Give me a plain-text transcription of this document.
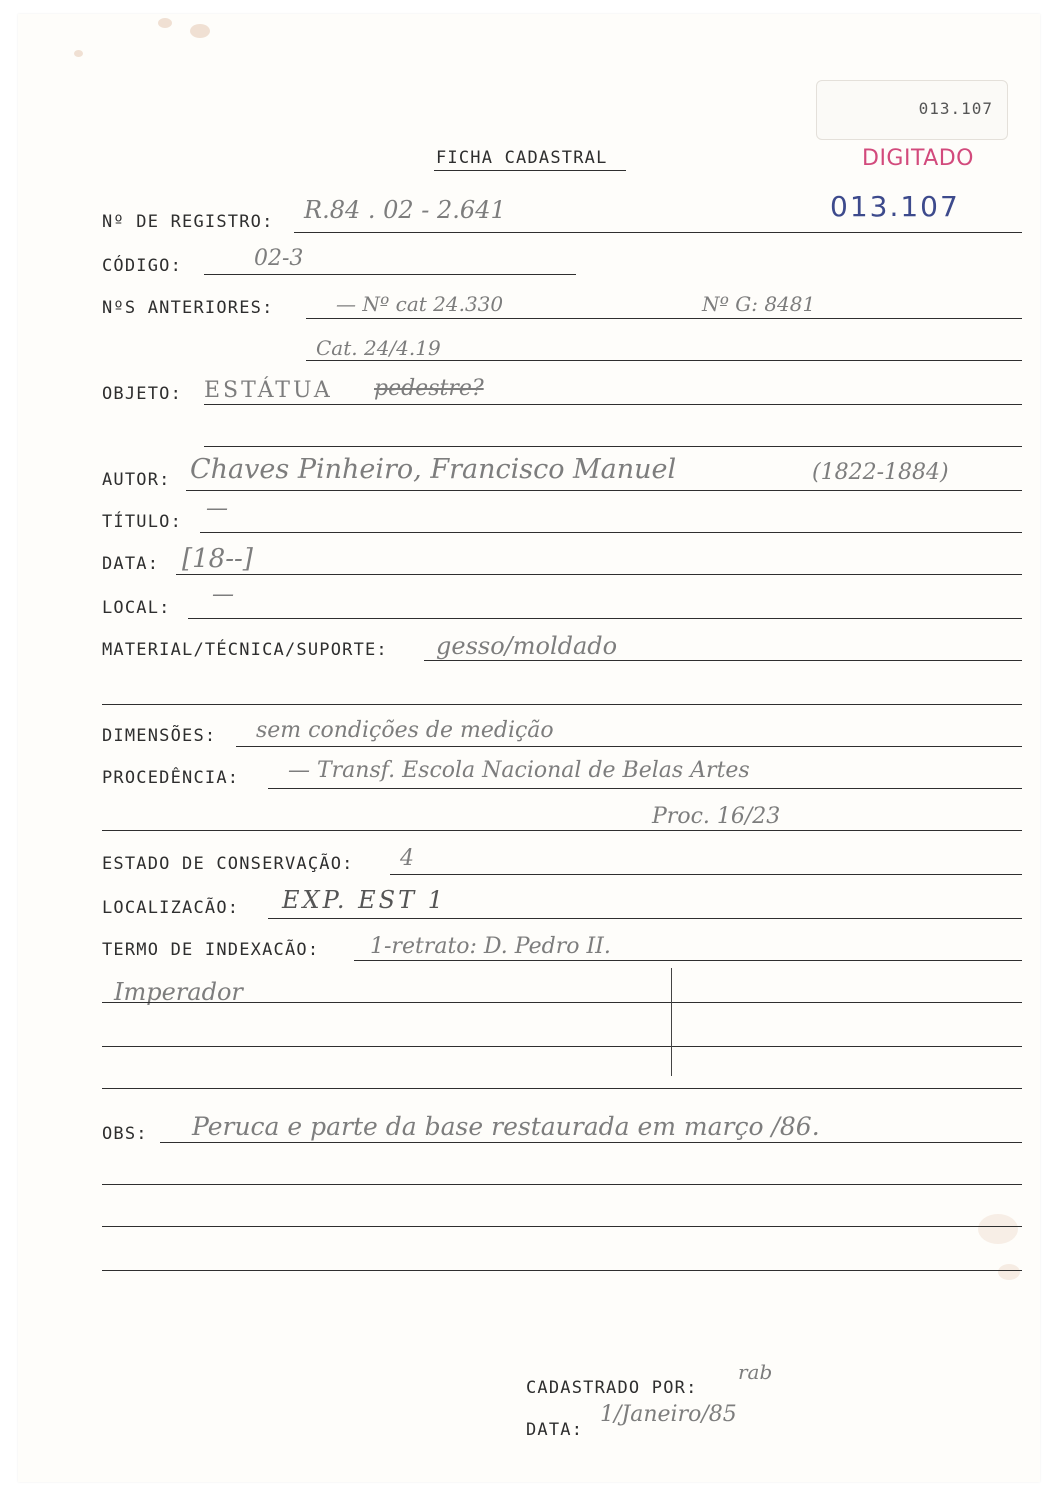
013.107
DIGITADO
013.107
FICHA CADASTRAL
Nº DE REGISTRO: R.84 . 02 - 2.641
CÓDIGO:	02-3
NºS ANTERIORES:	— Nº cat 24.330	Nº G: 8481
Cat. 24/4.19
OBJETO: ESTÁTUA pedestre?
AUTOR: Chaves Pinheiro, Francisco Manuel	(1822-1884)
TÍTULO:
—
DATA: [18--]
LOCAL:
—
MATERIAL/TÉCNICA/SUPORTE: gesso/moldado
DIMENSÕES: sem condições de medição
PROCEDÊNCIA: — Transf. Escola Nacional de Belas Artes
Proc. 16/23
ESTADO DE CONSERVAÇÃO: 4
LOCALIZACÃO: EXP. EST 1
TERMO DE INDEXACÃO: 1-retrato: D. Pedro II.
Imperador
OBS: Peruca e parte da base restaurada em março /86.
CADASTRADO POR:
rab
DATA:
1/Janeiro/85
